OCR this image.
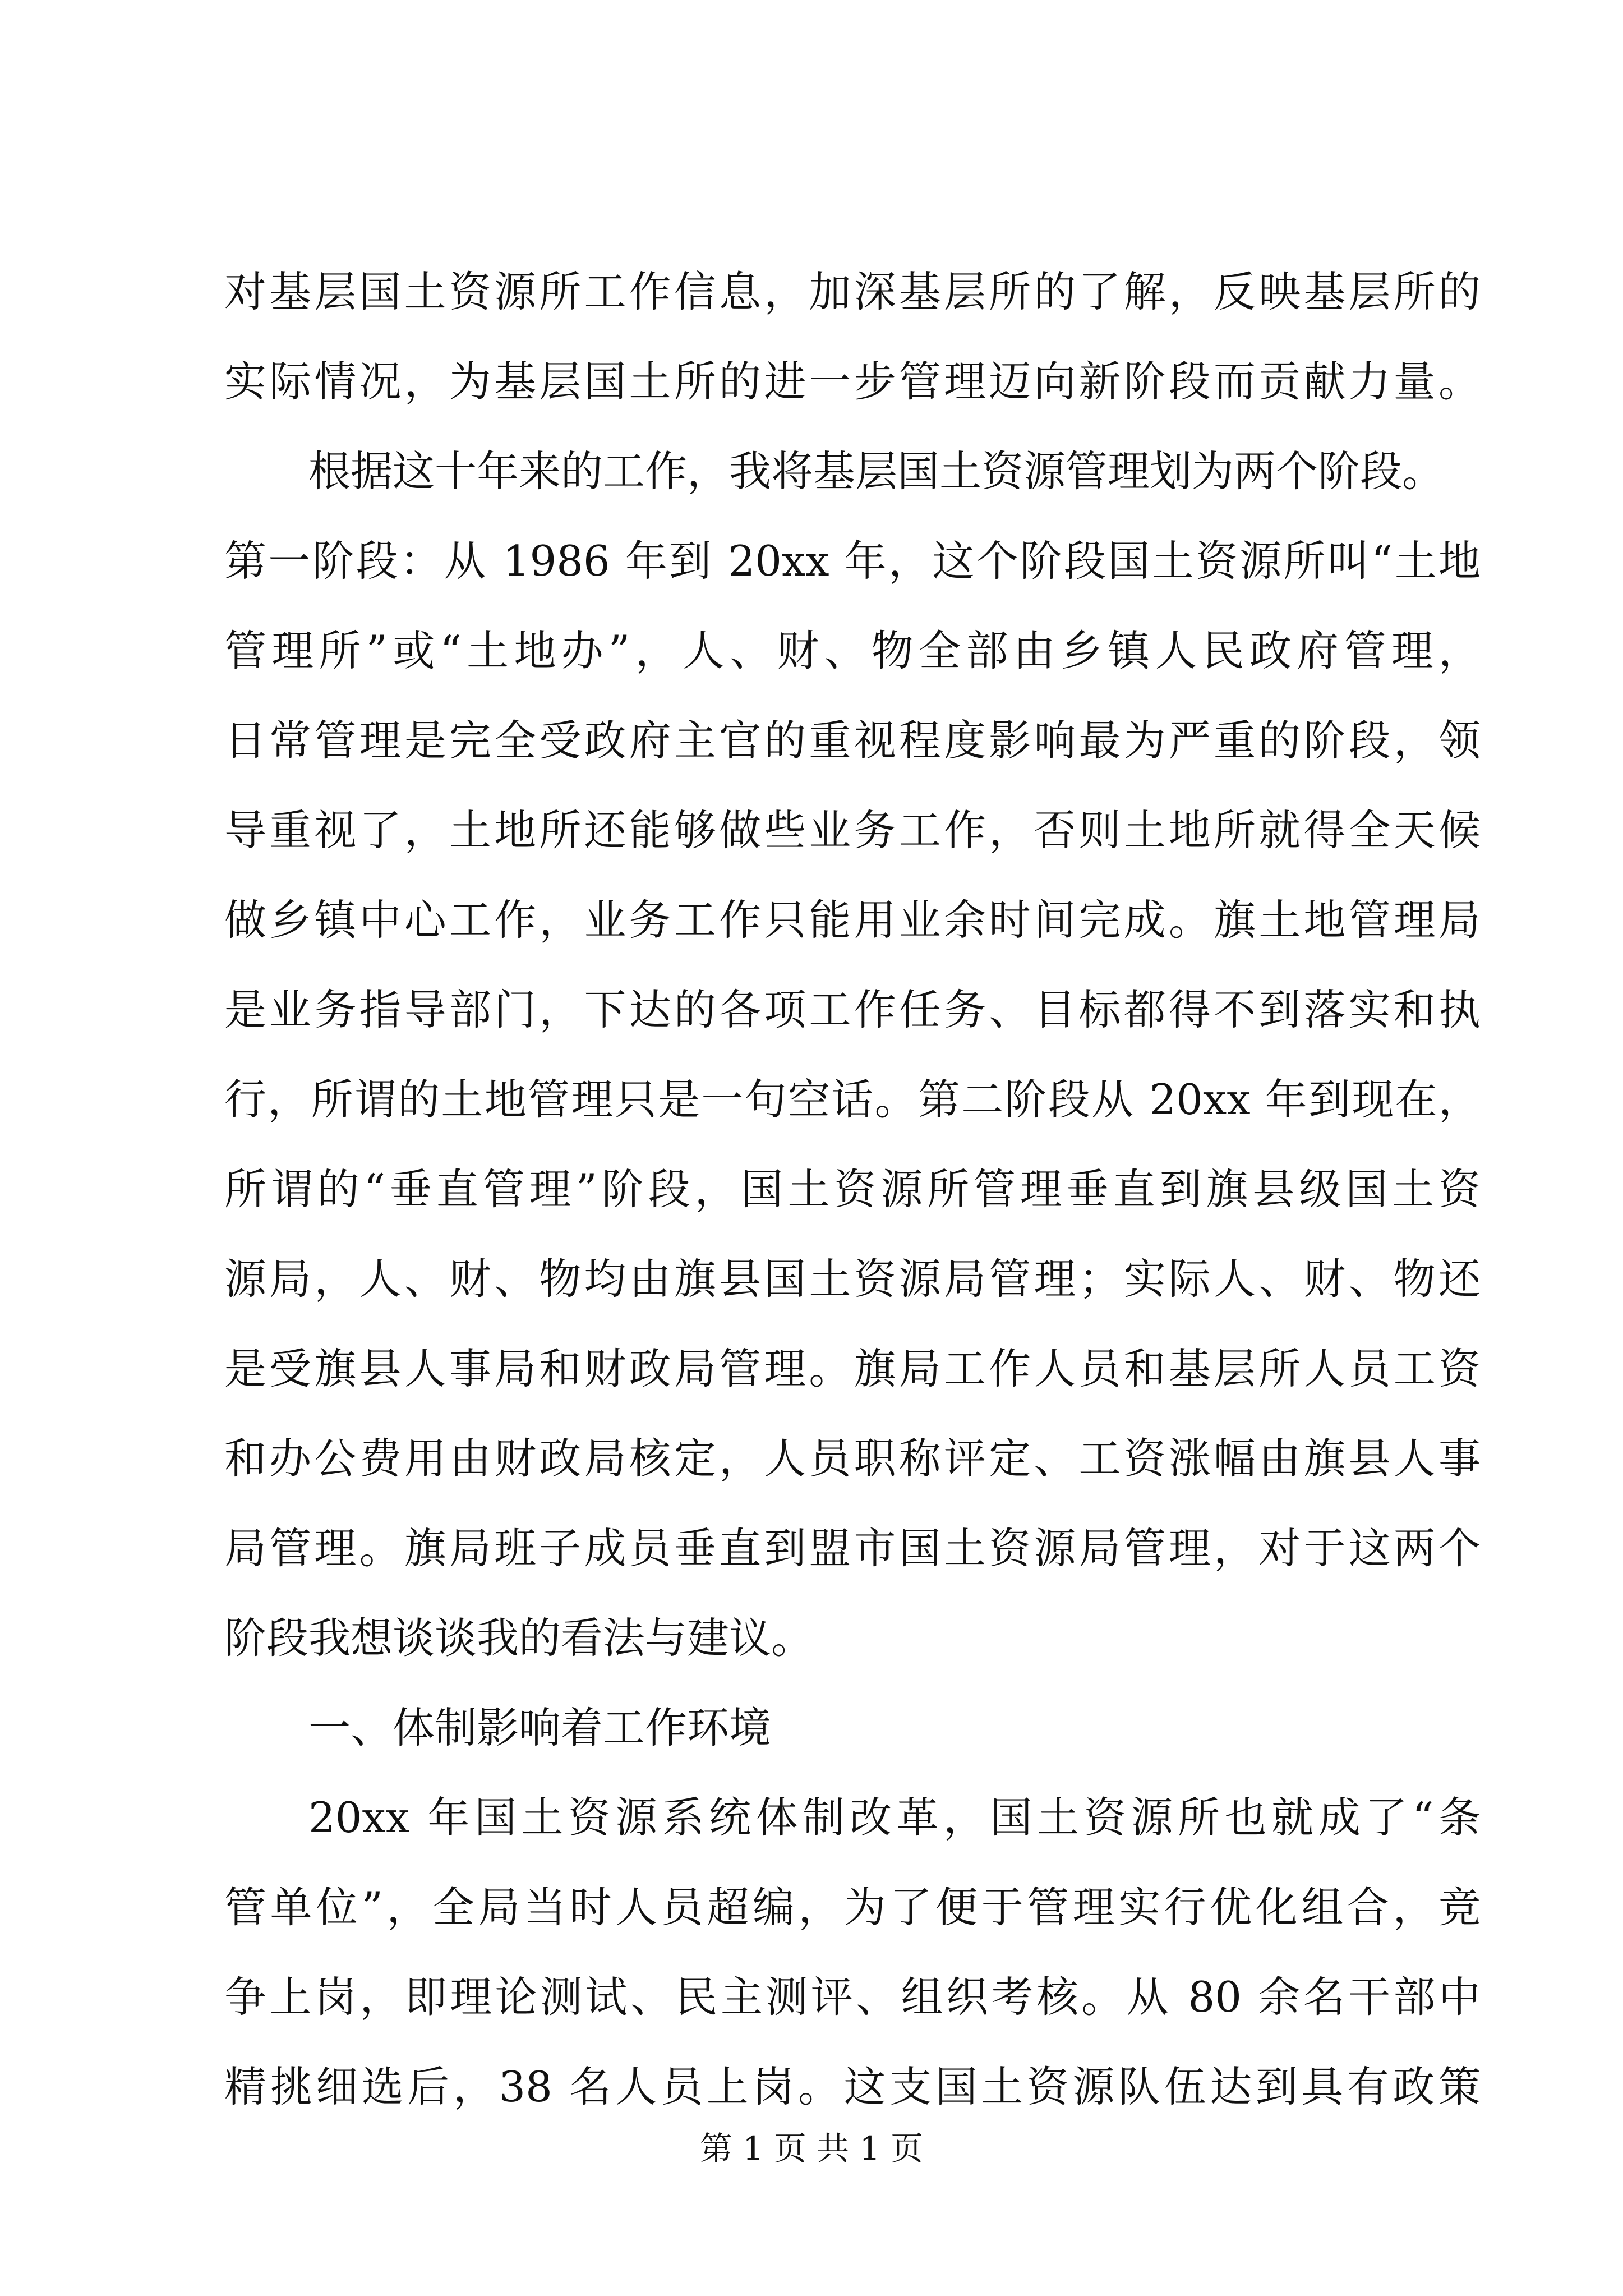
对基层国土资源所工作信息，加深基层所的了解，反映基层所的
实际情况，为基层国土所的进一步管理迈向新阶段而贡献力量。
根据这十年来的工作，我将基层国土资源管理划为两个阶段。
第一阶段：从 1986 年到 20xx 年，这个阶段国土资源所叫“土地
管理所”或“土地办”，人、财、物全部由乡镇人民政府管理，
日常管理是完全受政府主官的重视程度影响最为严重的阶段，领
导重视了，土地所还能够做些业务工作，否则土地所就得全天候
做乡镇中心工作，业务工作只能用业余时间完成。旗土地管理局
是业务指导部门，下达的各项工作任务、目标都得不到落实和执
行，所谓的土地管理只是一句空话。第二阶段从 20xx 年到现在，
所谓的“垂直管理”阶段，国土资源所管理垂直到旗县级国土资
源局，人、财、物均由旗县国土资源局管理；实际人、财、物还
是受旗县人事局和财政局管理。旗局工作人员和基层所人员工资
和办公费用由财政局核定，人员职称评定、工资涨幅由旗县人事
局管理。旗局班子成员垂直到盟市国土资源局管理，对于这两个
阶段我想谈谈我的看法与建议。
一、体制影响着工作环境
20xx 年国土资源系统体制改革，国土资源所也就成了“条
管单位”，全局当时人员超编，为了便于管理实行优化组合，竞
争上岗，即理论测试、民主测评、组织考核。从 80 余名干部中
精挑细选后，38 名人员上岗。这支国土资源队伍达到具有政策
第 1 页 共 1 页
